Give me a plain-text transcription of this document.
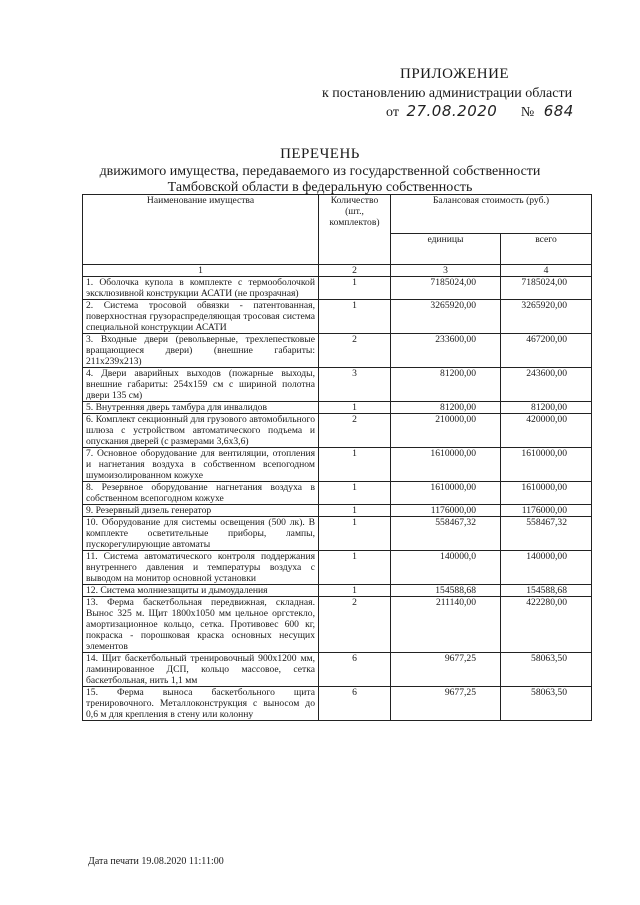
ПРИЛОЖЕНИЕ
к постановлению администрации области
от 27.08.2020 № 684
ПЕРЕЧЕНЬ
движимого имущества, передаваемого из государственной собственности
Тамбовской области в федеральную собственность
Наименование имущества	Количество (шт., комплектов)	Балансовая стоимость (руб.)	
		единицы	всего
1	2	3	4
1. Оболочка купола в комплекте с термооболочкой эксклюзивной конструкции АСАТИ (не прозрачная)	1	7185024,00	7185024,00
2. Система тросовой обвязки - патентованная, поверхностная грузораспределяющая тросовая система специальной конструкции АСАТИ	1	3265920,00	3265920,00
3. Входные двери (револьверные, трехлепестковые вращающиеся двери) (внешние габариты: 211х239х213)	2	233600,00	467200,00
4. Двери аварийных выходов (пожарные выходы, внешние габариты: 254х159 см с шириной полотна двери 135 см)	3	81200,00	243600,00
5. Внутренняя дверь тамбура для инвалидов	1	81200,00	81200,00
6. Комплект секционный для грузового автомобильного шлюза с устройством автоматического подъема и опускания дверей (с размерами 3,6х3,6)	2	210000,00	420000,00
7. Основное оборудование для вентиляции, отопления и нагнетания воздуха в собственном всепогодном шумоизолированном кожухе	1	1610000,00	1610000,00
8. Резервное оборудование нагнетания воздуха в собственном всепогодном кожухе	1	1610000,00	1610000,00
9. Резервный дизель генератор	1	1176000,00	1176000,00
10. Оборудование для системы освещения (500 лк). В комплекте осветительные приборы, лампы, пускорегулирующие автоматы	1	558467,32	558467,32
11. Система автоматического контроля поддержания внутреннего давления и температуры воздуха с выводом на монитор основной установки	1	140000,0	140000,00
12. Система молниезащиты и дымоудаления	1	154588,68	154588,68
13. Ферма баскетбольная передвижная, складная. Вынос 325 м. Щит 1800х1050 мм цельное оргстекло, амортизационное кольцо, сетка. Противовес 600 кг, покраска - порошковая краска основных несущих элементов	2	211140,00	422280,00
14. Щит баскетбольный тренировочный 900х1200 мм, ламинированное ДСП, кольцо массовое, сетка баскетбольная, нить 1,1 мм	6	9677,25	58063,50
15. Ферма выноса баскетбольного щита тренировочного. Металлоконструкция с выносом до 0,6 м для крепления в стену или колонну	6	9677,25	58063,50
Дата печати 19.08.2020 11:11:00
